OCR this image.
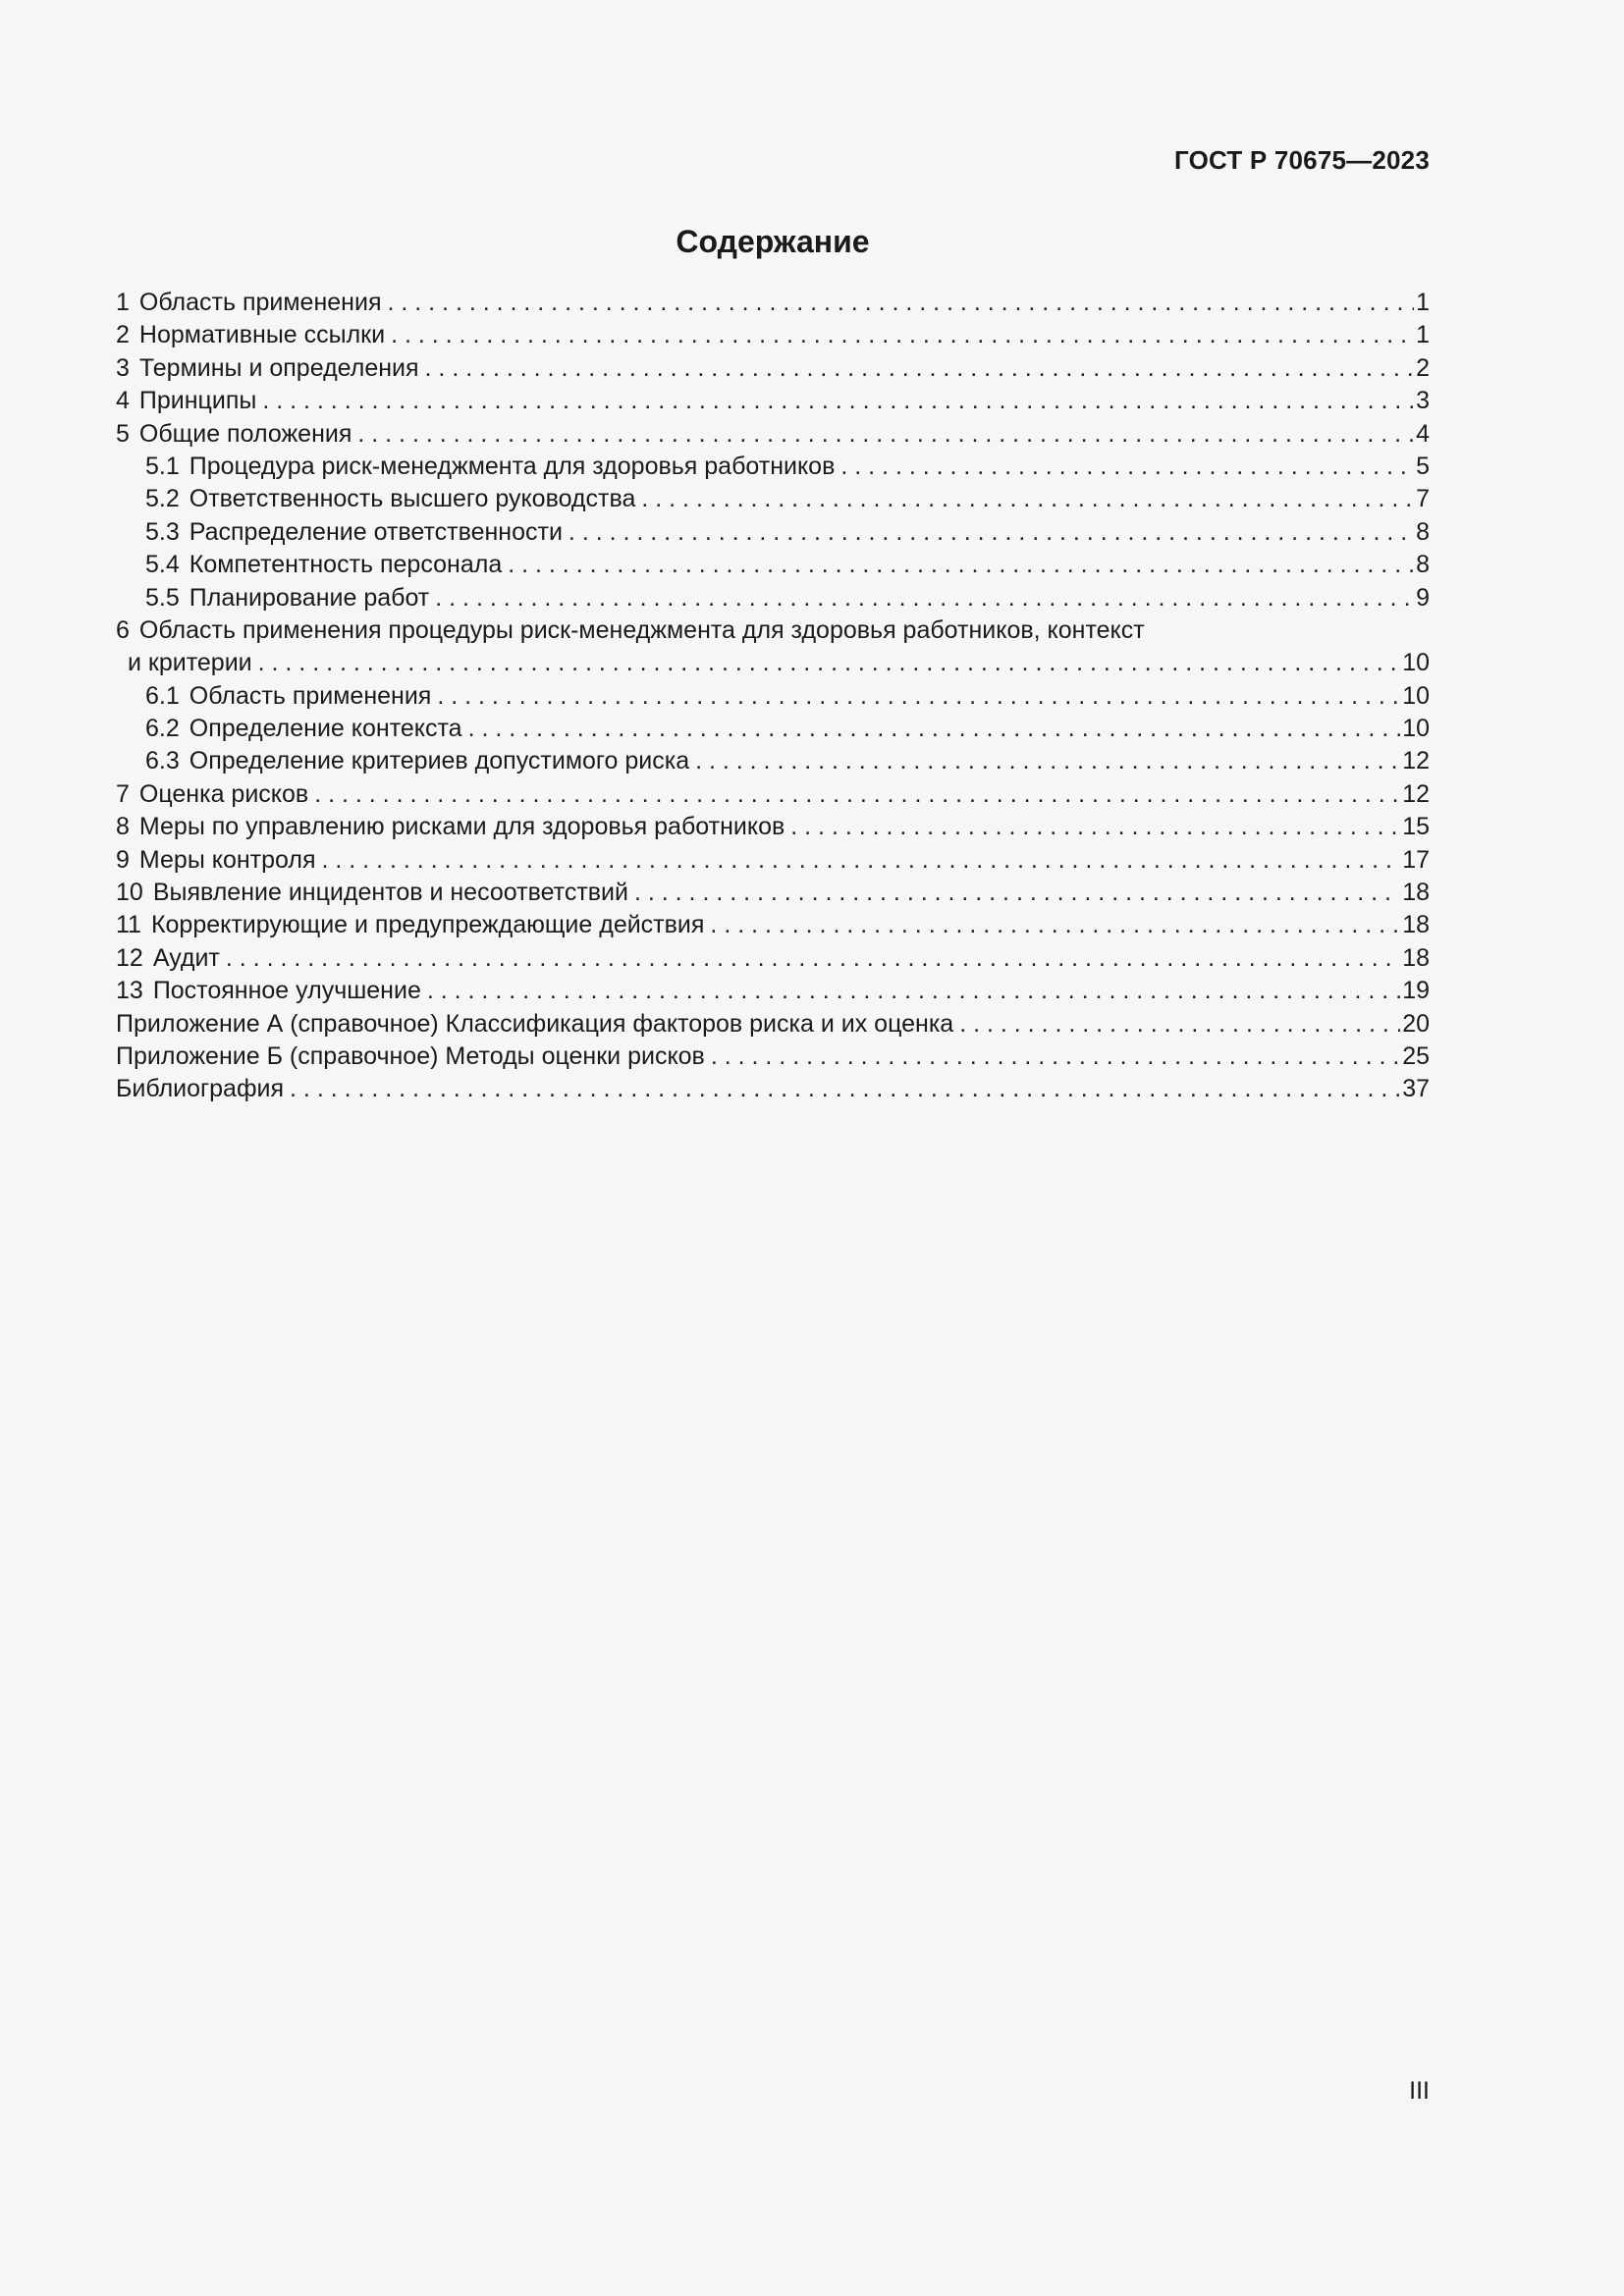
ГОСТ Р 70675—2023
Содержание
1 Область применения . . .	1
2 Нормативные ссылки . . .	1
3 Термины и определения . . .	2
4 Принципы . . .	3
5 Общие положения . . .	4
5.1 Процедура риск-менеджмента для здоровья работников . . .	5
5.2 Ответственность высшего руководства . . .	7
5.3 Распределение ответственности . . .	8
5.4 Компетентность персонала . . .	8
5.5 Планирование работ . . .	9
6 Область применения процедуры риск-менеджмента для здоровья работников, контекст
и критерии . . .	10
6.1 Область применения . . .	10
6.2 Определение контекста . . .	10
6.3 Определение критериев допустимого риска . . .	12
7 Оценка рисков . . .	12
8 Меры по управлению рисками для здоровья работников . . .	15
9 Меры контроля . . .	17
10 Выявление инцидентов и несоответствий . . .	18
11 Корректирующие и предупреждающие действия . . .	18
12 Аудит . . .	18
13 Постоянное улучшение . . .	19
Приложение А (справочное) Классификация факторов риска и их оценка . . .	20
Приложение Б (справочное) Методы оценки рисков . . .	25
Библиография . . .	37
III
